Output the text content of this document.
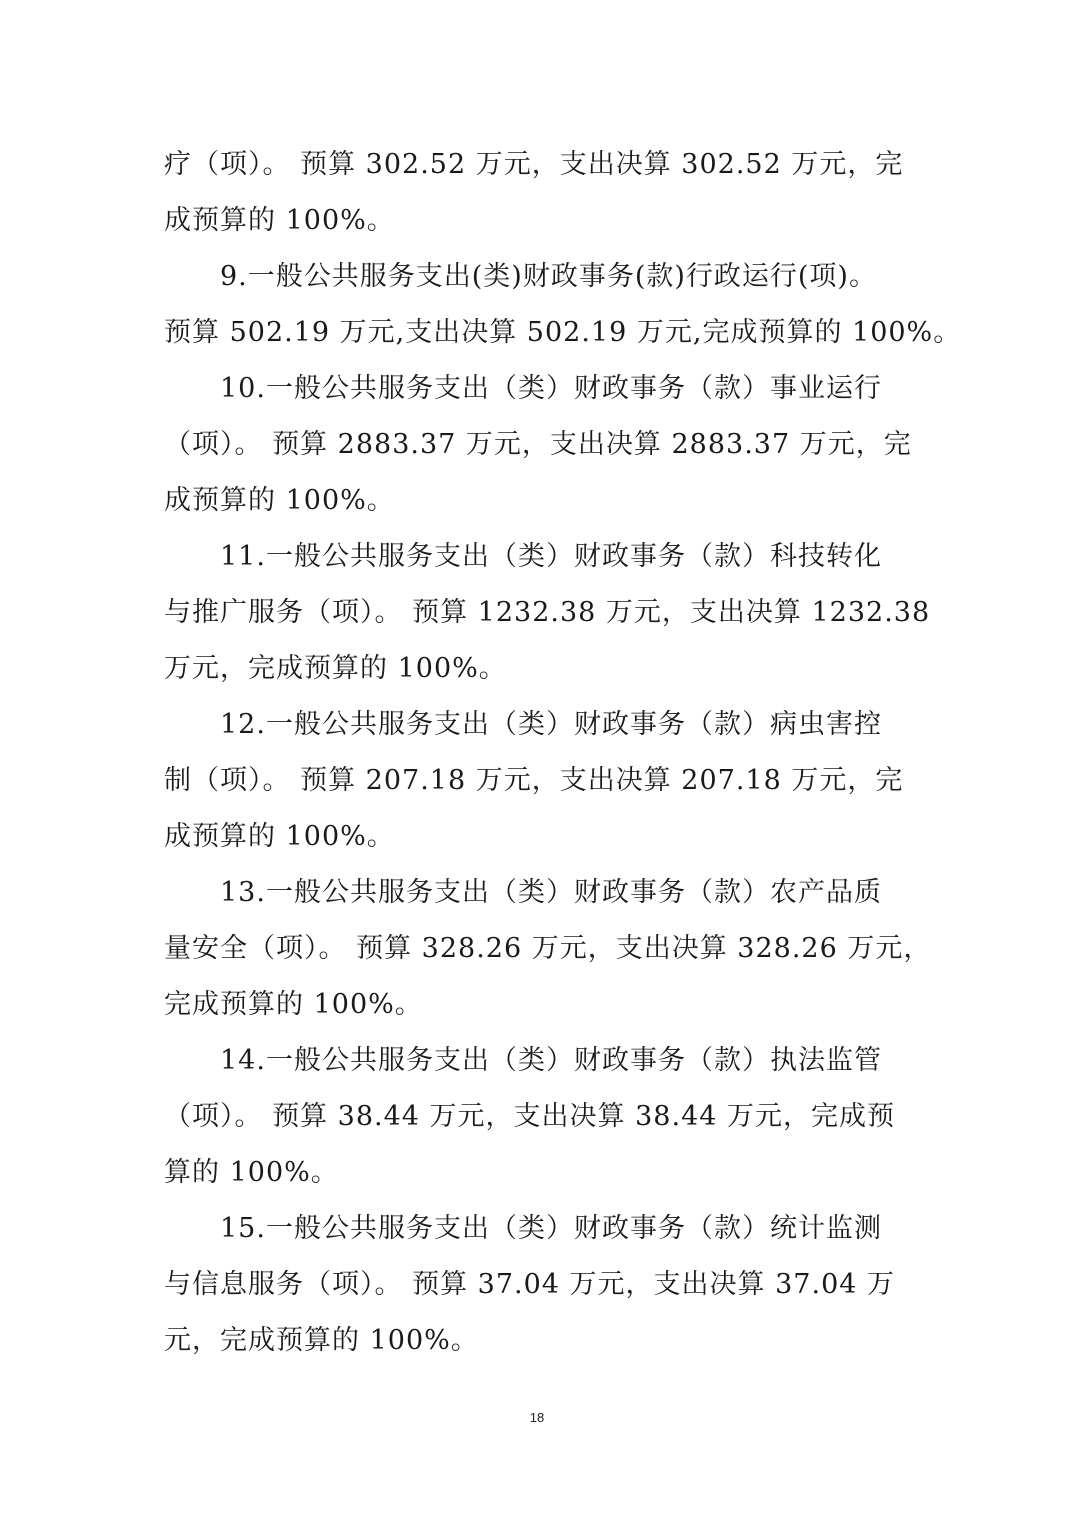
疗（项）。 预算 302.52 万元，支出决算 302.52 万元，完
成预算的 100%。
9.一般公共服务支出(类)财政事务(款)行政运行(项)。
预算 502.19 万元,支出决算 502.19 万元,完成预算的 100%。
10.一般公共服务支出（类）财政事务（款）事业运行
（项）。 预算 2883.37 万元，支出决算 2883.37 万元，完
成预算的 100%。
11.一般公共服务支出（类）财政事务（款）科技转化
与推广服务（项）。 预算 1232.38 万元，支出决算 1232.38
万元，完成预算的 100%。
12.一般公共服务支出（类）财政事务（款）病虫害控
制（项）。 预算 207.18 万元，支出决算 207.18 万元，完
成预算的 100%。
13.一般公共服务支出（类）财政事务（款）农产品质
量安全（项）。 预算 328.26 万元，支出决算 328.26 万元，
完成预算的 100%。
14.一般公共服务支出（类）财政事务（款）执法监管
（项）。 预算 38.44 万元，支出决算 38.44 万元，完成预
算的 100%。
15.一般公共服务支出（类）财政事务（款）统计监测
与信息服务（项）。 预算 37.04 万元，支出决算 37.04 万
元，完成预算的 100%。
18
